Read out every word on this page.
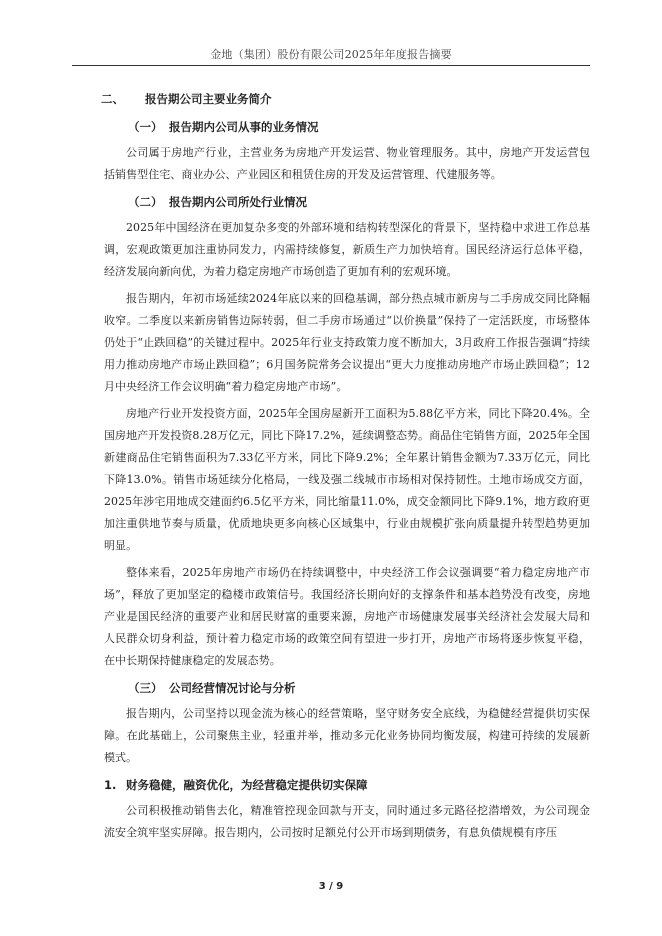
金地（集团）股份有限公司2025年年度报告摘要
二、 报告期公司主要业务简介
（一） 报告期内公司从事的业务情况

公司属于房地产行业，主营业务为房地产开发运营、物业管理服务。其中，房地产开发运营包括销售型住宅、商业办公、产业园区和租赁住房的开发及运营管理、代建服务等。

（二） 报告期内公司所处行业情况

2025年中国经济在更加复杂多变的外部环境和结构转型深化的背景下，坚持稳中求进工作总基调，宏观政策更加注重协同发力，内需持续修复，新质生产力加快培育。国民经济运行总体平稳，经济发展向新向优，为着力稳定房地产市场创造了更加有利的宏观环境。

报告期内，年初市场延续2024年底以来的回稳基调，部分热点城市新房与二手房成交同比降幅收窄。二季度以来新房销售边际转弱，但二手房市场通过“以价换量”保持了一定活跃度，市场整体仍处于“止跌回稳”的关键过程中。2025年行业支持政策力度不断加大，3月政府工作报告强调“持续用力推动房地产市场止跌回稳”；6月国务院常务会议提出“更大力度推动房地产市场止跌回稳”；12月中央经济工作会议明确“着力稳定房地产市场”。

房地产行业开发投资方面，2025年全国房屋新开工面积为5.88亿平方米，同比下降20.4%。全国房地产开发投资8.28万亿元，同比下降17.2%，延续调整态势。商品住宅销售方面，2025年全国新建商品住宅销售面积为7.33亿平方米，同比下降9.2%；全年累计销售金额为7.33万亿元，同比下降13.0%。销售市场延续分化格局，一线及强二线城市市场相对保持韧性。土地市场成交方面，2025年涉宅用地成交建面约6.5亿平方米，同比缩量11.0%，成交金额同比下降9.1%，地方政府更加注重供地节奏与质量，优质地块更多向核心区域集中，行业由规模扩张向质量提升转型趋势更加明显。

整体来看，2025年房地产市场仍在持续调整中，中央经济工作会议强调要“着力稳定房地产市场”，释放了更加坚定的稳楼市政策信号。我国经济长期向好的支撑条件和基本趋势没有改变，房地产业是国民经济的重要产业和居民财富的重要来源，房地产市场健康发展事关经济社会发展大局和人民群众切身利益，预计着力稳定市场的政策空间有望进一步打开，房地产市场将逐步恢复平稳，在中长期保持健康稳定的发展态势。

（三） 公司经营情况讨论与分析

报告期内，公司坚持以现金流为核心的经营策略，坚守财务安全底线，为稳健经营提供切实保障。在此基础上，公司聚焦主业，轻重并举，推动多元化业务协同均衡发展，构建可持续的发展新模式。

1. 财务稳健，融资优化，为经营稳定提供切实保障

公司积极推动销售去化，精准管控现金回款与开支，同时通过多元路径挖潜增效，为公司现金流安全筑牢坚实屏障。报告期内，公司按时足额兑付公开市场到期债务，有息负债规模有序压

3 / 9
